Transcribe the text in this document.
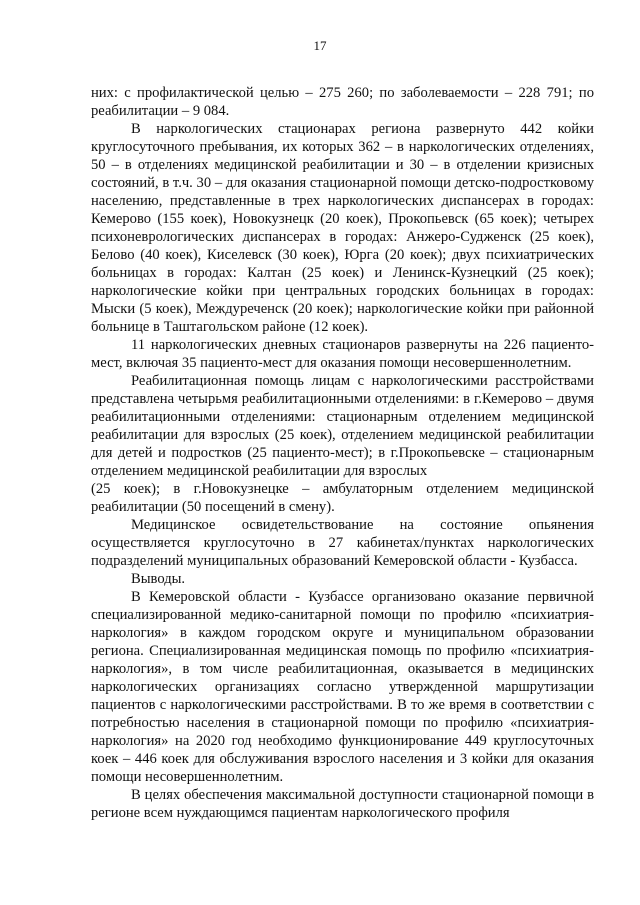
17

них: с профилактической целью – 275 260; по заболеваемости – 228 791; по реабилитации – 9 084.

В наркологических стационарах региона развернуто 442 койки круглосуточного пребывания, их которых 362 – в наркологических отделениях, 50 – в отделениях медицинской реабилитации и 30 – в отделении кризисных состояний, в т.ч. 30 – для оказания стационарной помощи детско-подростковому населению, представленные в трех наркологических диспансерах в городах: Кемерово (155 коек), Новокузнецк (20 коек), Прокопьевск (65 коек); четырех психоневрологических диспансерах в городах: Анжеро-Судженск (25 коек), Белово (40 коек), Киселевск (30 коек), Юрга (20 коек); двух психиатрических больницах в городах: Калтан (25 коек) и Ленинск-Кузнецкий (25 коек); наркологические койки при центральных городских больницах в городах: Мыски (5 коек), Междуреченск (20 коек); наркологические койки при районной больнице в Таштагольском районе (12 коек).

11 наркологических дневных стационаров развернуты на 226 пациенто-мест, включая 35 пациенто-мест для оказания помощи несовершеннолетним.

Реабилитационная помощь лицам с наркологическими расстройствами представлена четырьмя реабилитационными отделениями: в г.Кемерово – двумя реабилитационными отделениями: стационарным отделением медицинской реабилитации для взрослых (25 коек), отделением медицинской реабилитации для детей и подростков (25 пациенто-мест); в г.Прокопьевске – стационарным отделением медицинской реабилитации для взрослых

(25 коек); в г.Новокузнецке – амбулаторным отделением медицинской реабилитации (50 посещений в смену).

Медицинское освидетельствование на состояние опьянения осуществляется круглосуточно в 27 кабинетах/пунктах наркологических подразделений муниципальных образований Кемеровской области - Кузбасса.

Выводы.

В Кемеровской области - Кузбассе организовано оказание первичной специализированной медико-санитарной помощи по профилю «психиатрия-наркология» в каждом городском округе и муниципальном образовании региона. Специализированная медицинская помощь по профилю «психиатрия-наркология», в том числе реабилитационная, оказывается в медицинских наркологических организациях согласно утвержденной маршрутизации пациентов с наркологическими расстройствами. В то же время в соответствии с потребностью населения в стационарной помощи по профилю «психиатрия-наркология» на 2020 год необходимо функционирование 449 круглосуточных коек – 446 коек для обслуживания взрослого населения и 3 койки для оказания помощи несовершеннолетним.

В целях обеспечения максимальной доступности стационарной помощи в регионе всем нуждающимся пациентам наркологического профиля
